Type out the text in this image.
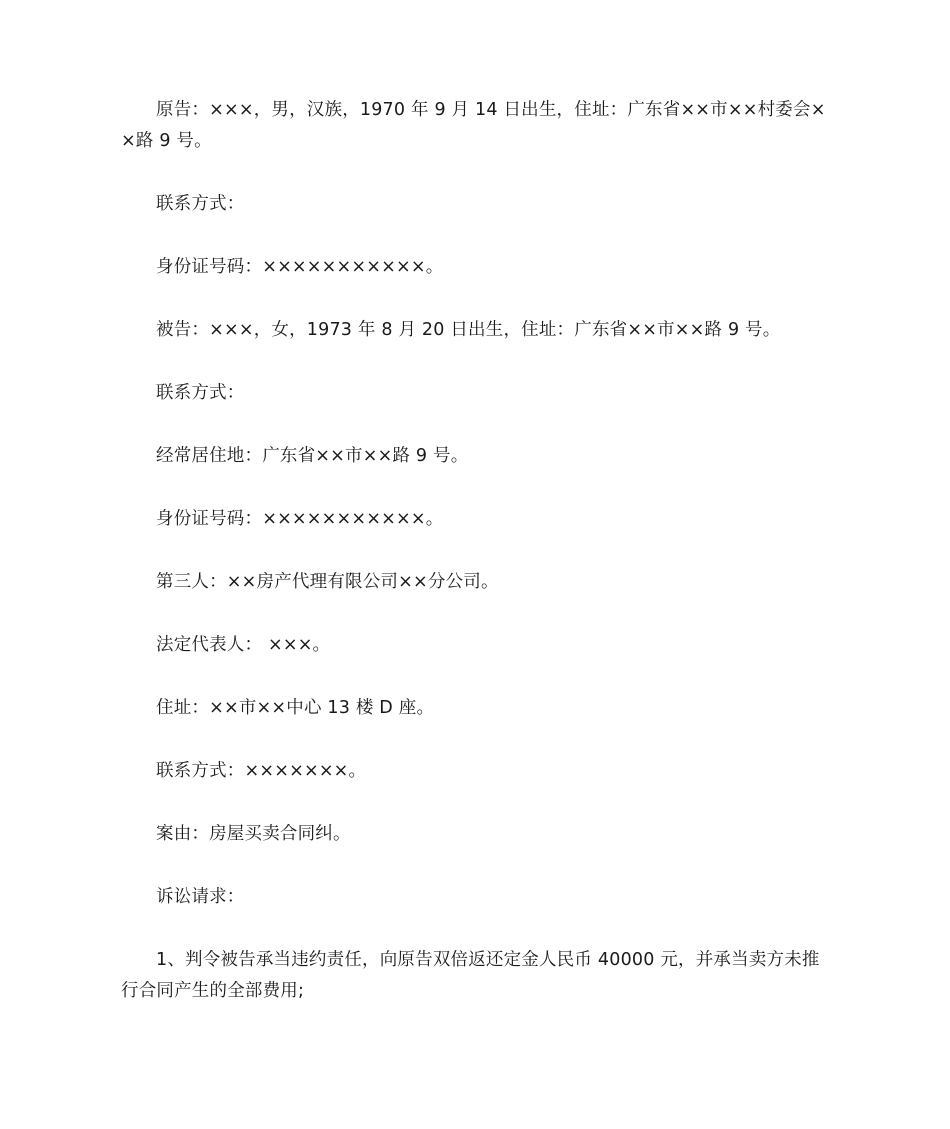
原告：×××，男，汉族，1970 年 9 月 14 日出生，住址：广东省××市××村委会××路 9 号。

联系方式：

身份证号码：×××××××××××。

被告：×××，女，1973 年 8 月 20 日出生，住址：广东省××市××路 9 号。

联系方式：

经常居住地：广东省××市××路 9 号。

身份证号码：×××××××××××。

第三人：××房产代理有限公司××分公司。

法定代表人： ×××。

住址：××市××中心 13 楼 D 座。

联系方式：×××××××。

案由：房屋买卖合同纠。

诉讼请求：

1、判令被告承当违约责任，向原告双倍返还定金人民币 40000 元，并承当卖方未推行合同产生的全部费用;
